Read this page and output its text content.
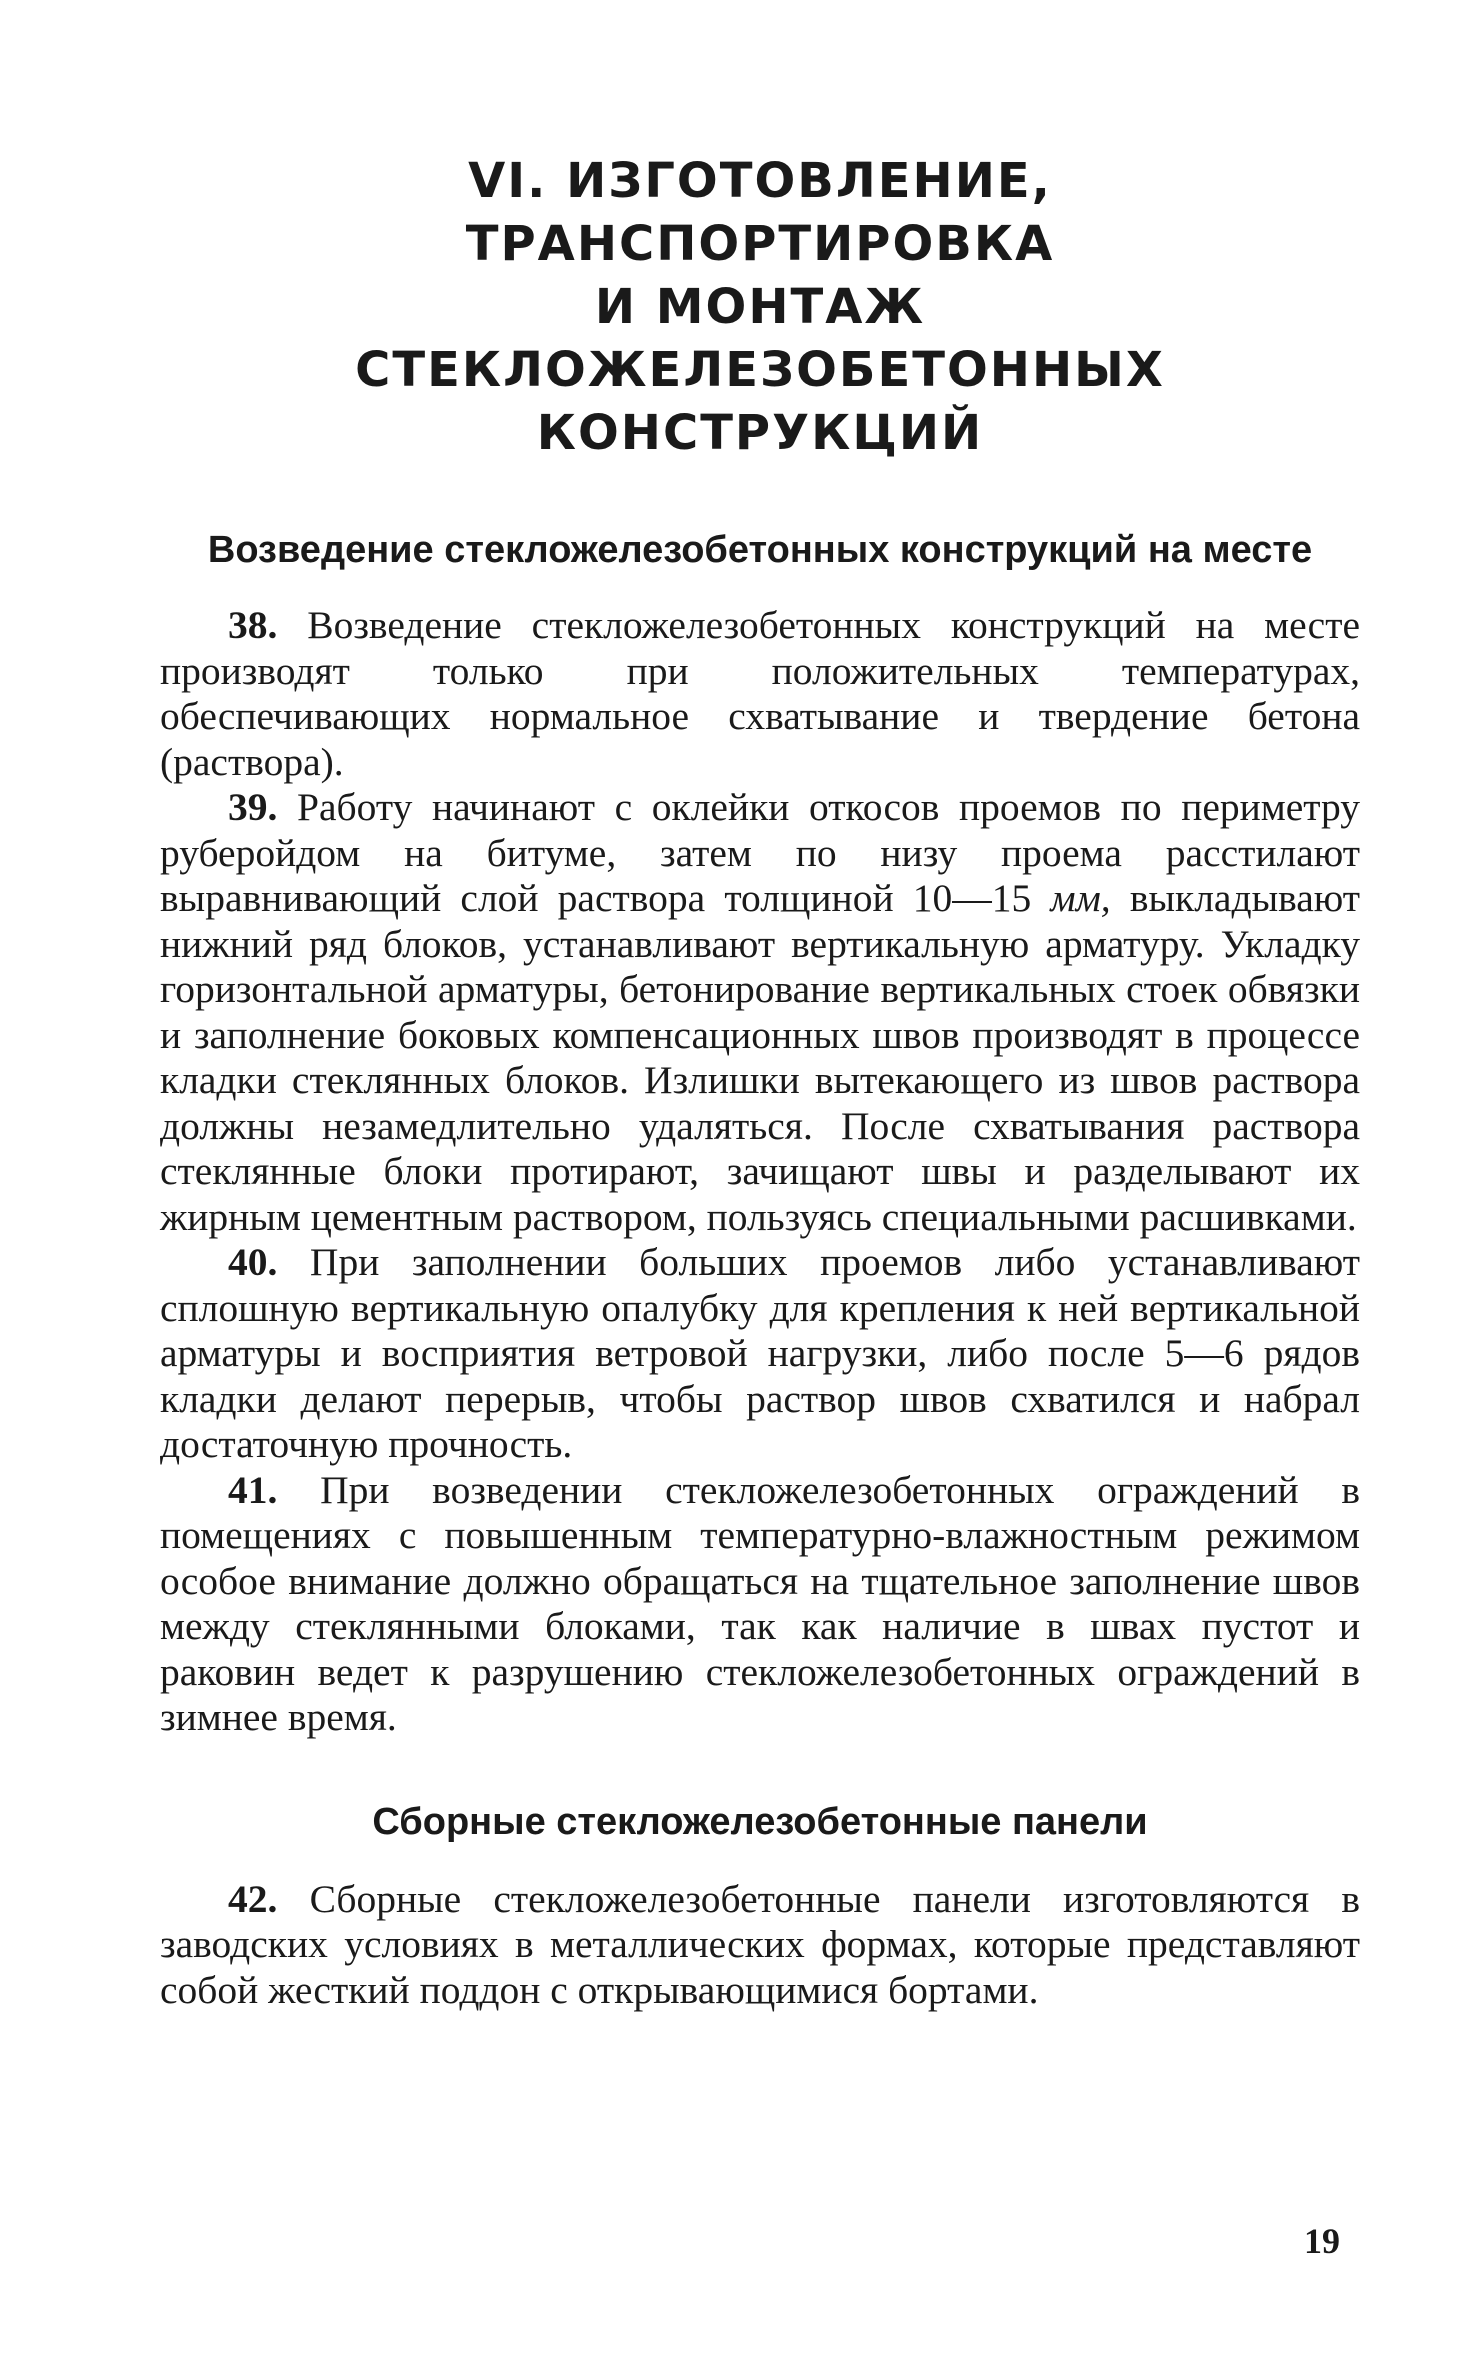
VI. ИЗГОТОВЛЕНИЕ, ТРАНСПОРТИРОВКА
И МОНТАЖ СТЕКЛОЖЕЛЕЗОБЕТОННЫХ
КОНСТРУКЦИЙ
Возведение стекложелезобетонных конструкций на месте

38. Возведение стекложелезобетонных конструкций на месте производят только при положительных температурах, обеспечивающих нормальное схватывание и твердение бетона (раствора).

39. Работу начинают с оклейки откосов проемов по периметру руберойдом на битуме, затем по низу проема расстилают выравнивающий слой раствора толщиной 10—15 мм, выкладывают нижний ряд блоков, устанавливают вертикальную арматуру. Укладку горизонтальной арматуры, бетонирование вертикальных стоек обвязки и заполнение боковых компенсационных швов производят в процессе кладки стеклянных блоков. Излишки вытекающего из швов раствора должны незамедлительно удаляться. После схватывания раствора стеклянные блоки протирают, зачищают швы и разделывают их жирным цементным раствором, пользуясь специальными расшивками.

40. При заполнении больших проемов либо устанавливают сплошную вертикальную опалубку для крепления к ней вертикальной арматуры и восприятия ветровой нагрузки, либо после 5—6 рядов кладки делают перерыв, чтобы раствор швов схватился и набрал достаточную прочность.

41. При возведении стекложелезобетонных ограждений в помещениях с повышенным температурно-влажностным режимом особое внимание должно обращаться на тщательное заполнение швов между стеклянными блоками, так как наличие в швах пустот и раковин ведет к разрушению стекложелезобетонных ограждений в зимнее время.

Сборные стекложелезобетонные панели

42. Сборные стекложелезобетонные панели изготовляются в заводских условиях в металлических формах, которые представляют собой жесткий поддон с открывающимися бортами.

19
